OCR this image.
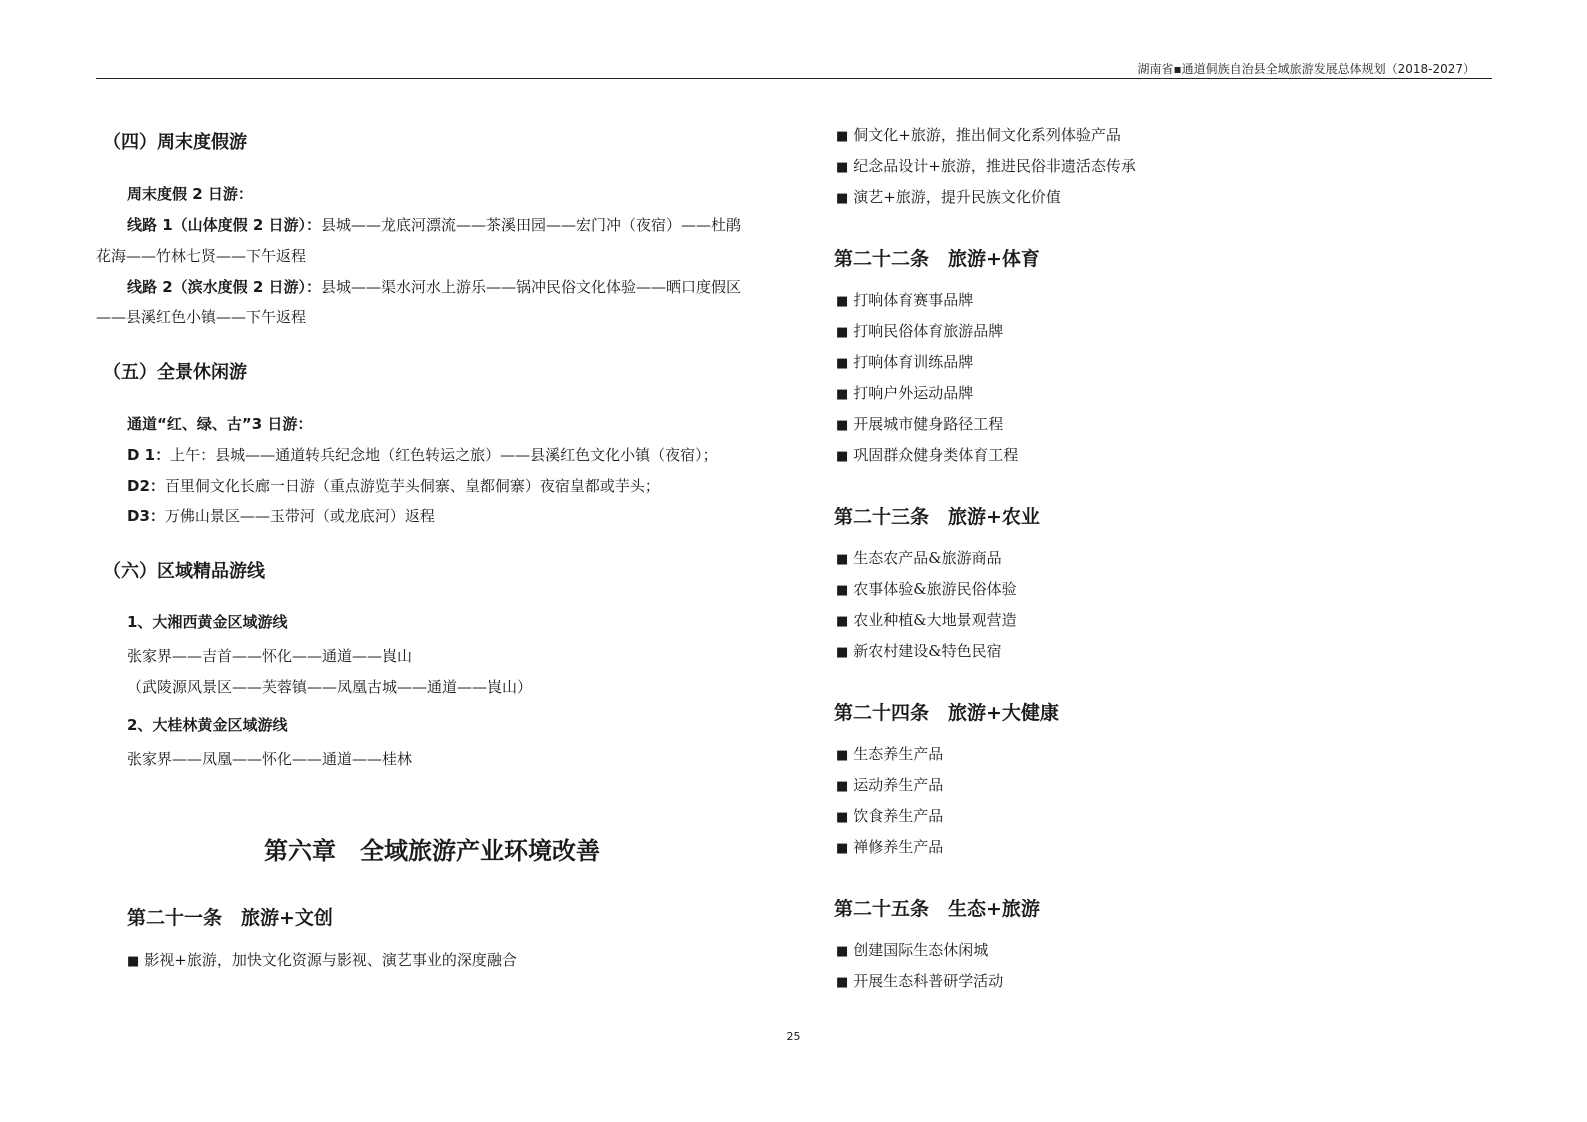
湖南省▪通道侗族自治县全域旅游发展总体规划（2018-2027）
（四）周末度假游
周末度假 2 日游：
线路 1（山体度假 2 日游）：县城——龙底河漂流——茶溪田园——宏门冲（夜宿）——杜鹃
花海——竹林七贤——下午返程
线路 2（滨水度假 2 日游）：县城——渠水河水上游乐——锅冲民俗文化体验——晒口度假区
——县溪红色小镇——下午返程
（五）全景休闲游
通道“红、绿、古”3 日游：
D 1：上午：县城——通道转兵纪念地（红色转运之旅）——县溪红色文化小镇（夜宿）；
D2：百里侗文化长廊一日游（重点游览芋头侗寨、皇都侗寨）夜宿皇都或芋头；
D3：万佛山景区——玉带河（或龙底河）返程
（六）区域精品游线
1、大湘西黄金区域游线
张家界——吉首——怀化——通道——崀山
（武陵源风景区——芙蓉镇——凤凰古城——通道——崀山）
2、大桂林黄金区域游线
张家界——凤凰——怀化——通道——桂林
第六章　全域旅游产业环境改善
第二十一条　旅游+文创
■ 影视+旅游，加快文化资源与影视、演艺事业的深度融合
■ 侗文化+旅游，推出侗文化系列体验产品
■ 纪念品设计+旅游，推进民俗非遗活态传承
■ 演艺+旅游，提升民族文化价值
第二十二条　旅游+体育
■ 打响体育赛事品牌
■ 打响民俗体育旅游品牌
■ 打响体育训练品牌
■ 打响户外运动品牌
■ 开展城市健身路径工程
■ 巩固群众健身类体育工程
第二十三条　旅游+农业
■ 生态农产品&旅游商品
■ 农事体验&旅游民俗体验
■ 农业种植&大地景观营造
■ 新农村建设&特色民宿
第二十四条　旅游+大健康
■ 生态养生产品
■ 运动养生产品
■ 饮食养生产品
■ 禅修养生产品
第二十五条　生态+旅游
■ 创建国际生态休闲城
■ 开展生态科普研学活动
25
